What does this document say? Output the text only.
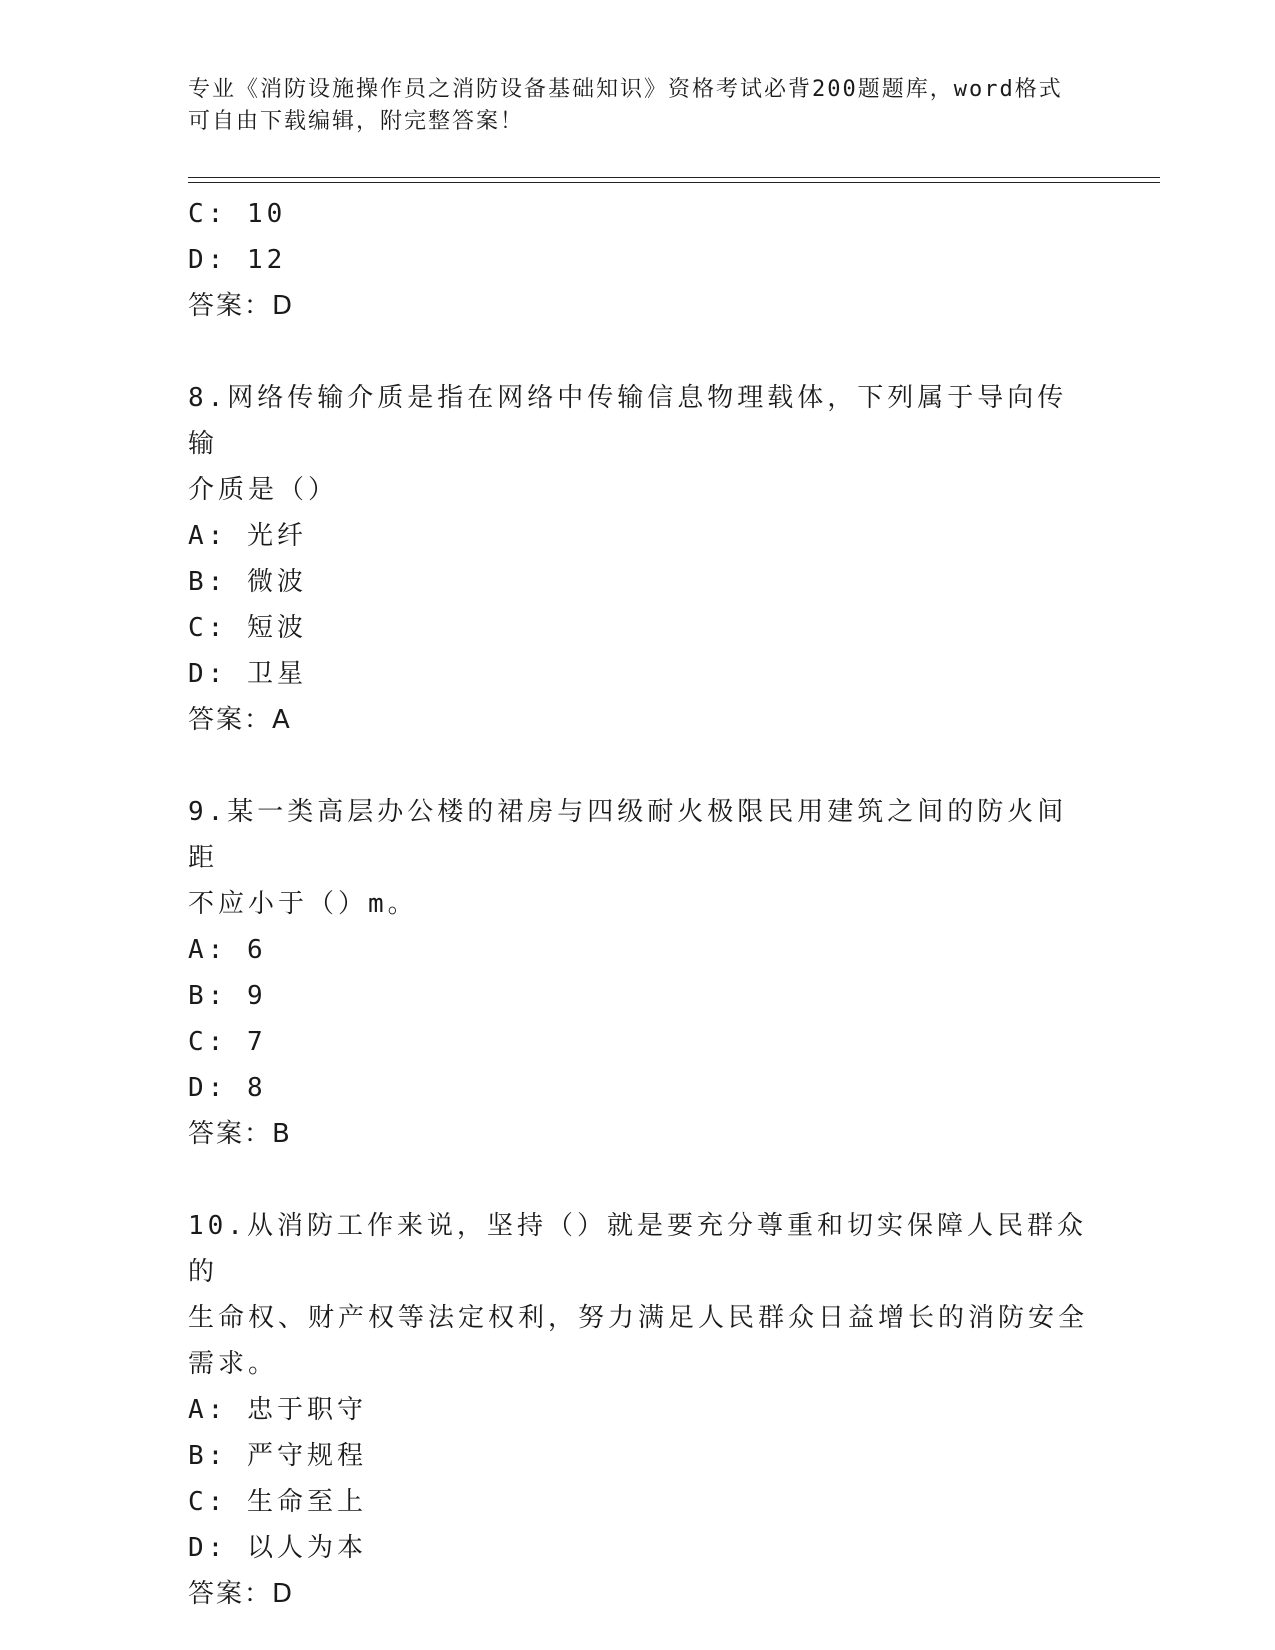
专业《消防设施操作员之消防设备基础知识》资格考试必背200题题库，word格式可自由下载编辑，附完整答案！
C: 10
D: 12
答案：D
8.网络传输介质是指在网络中传输信息物理载体，下列属于导向传输
介质是（）
A: 光纤
B: 微波
C: 短波
D: 卫星
答案：A
9.某一类高层办公楼的裙房与四级耐火极限民用建筑之间的防火间距
不应小于（）m。
A: 6
B: 9
C: 7
D: 8
答案：B
10.从消防工作来说，坚持（）就是要充分尊重和切实保障人民群众的
生命权、财产权等法定权利，努力满足人民群众日益增长的消防安全
需求。
A: 忠于职守
B: 严守规程
C: 生命至上
D: 以人为本
答案：D
